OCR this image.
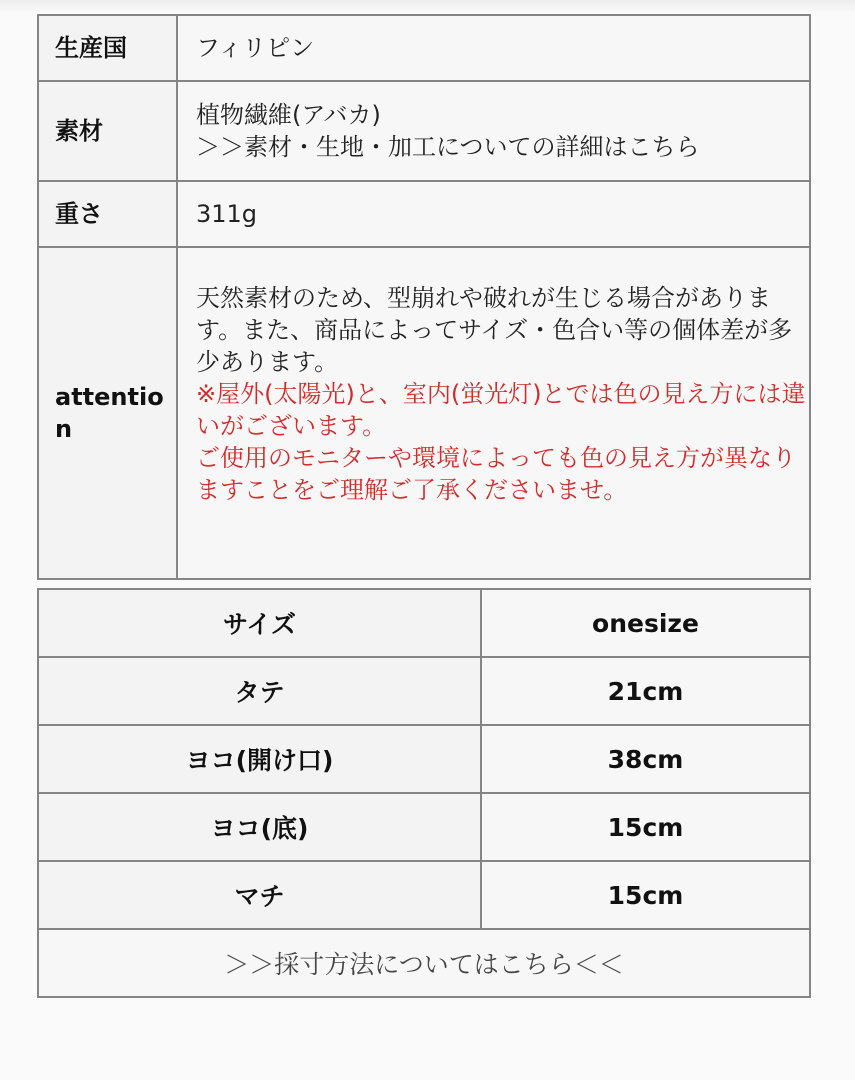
生産国	フィリピン
素材	植物繊維(アバカ)
＞＞素材・生地・加工についての詳細はこちら

重さ	311g
attention	天然素材のため、型崩れや破れが生じる場合があります。また、商品によってサイズ・色合い等の個体差が多少あります。
※屋外(太陽光)と、室内(蛍光灯)とでは色の見え方には違いがございます。
ご使用のモニターや環境によっても色の見え方が異なりますことをご理解ご了承くださいませ。
サイズ	onesize
タテ	21cm
ヨコ(開け口)	38cm
ヨコ(底)	15cm
マチ	15cm
＞＞採寸方法についてはこちら＜＜	
